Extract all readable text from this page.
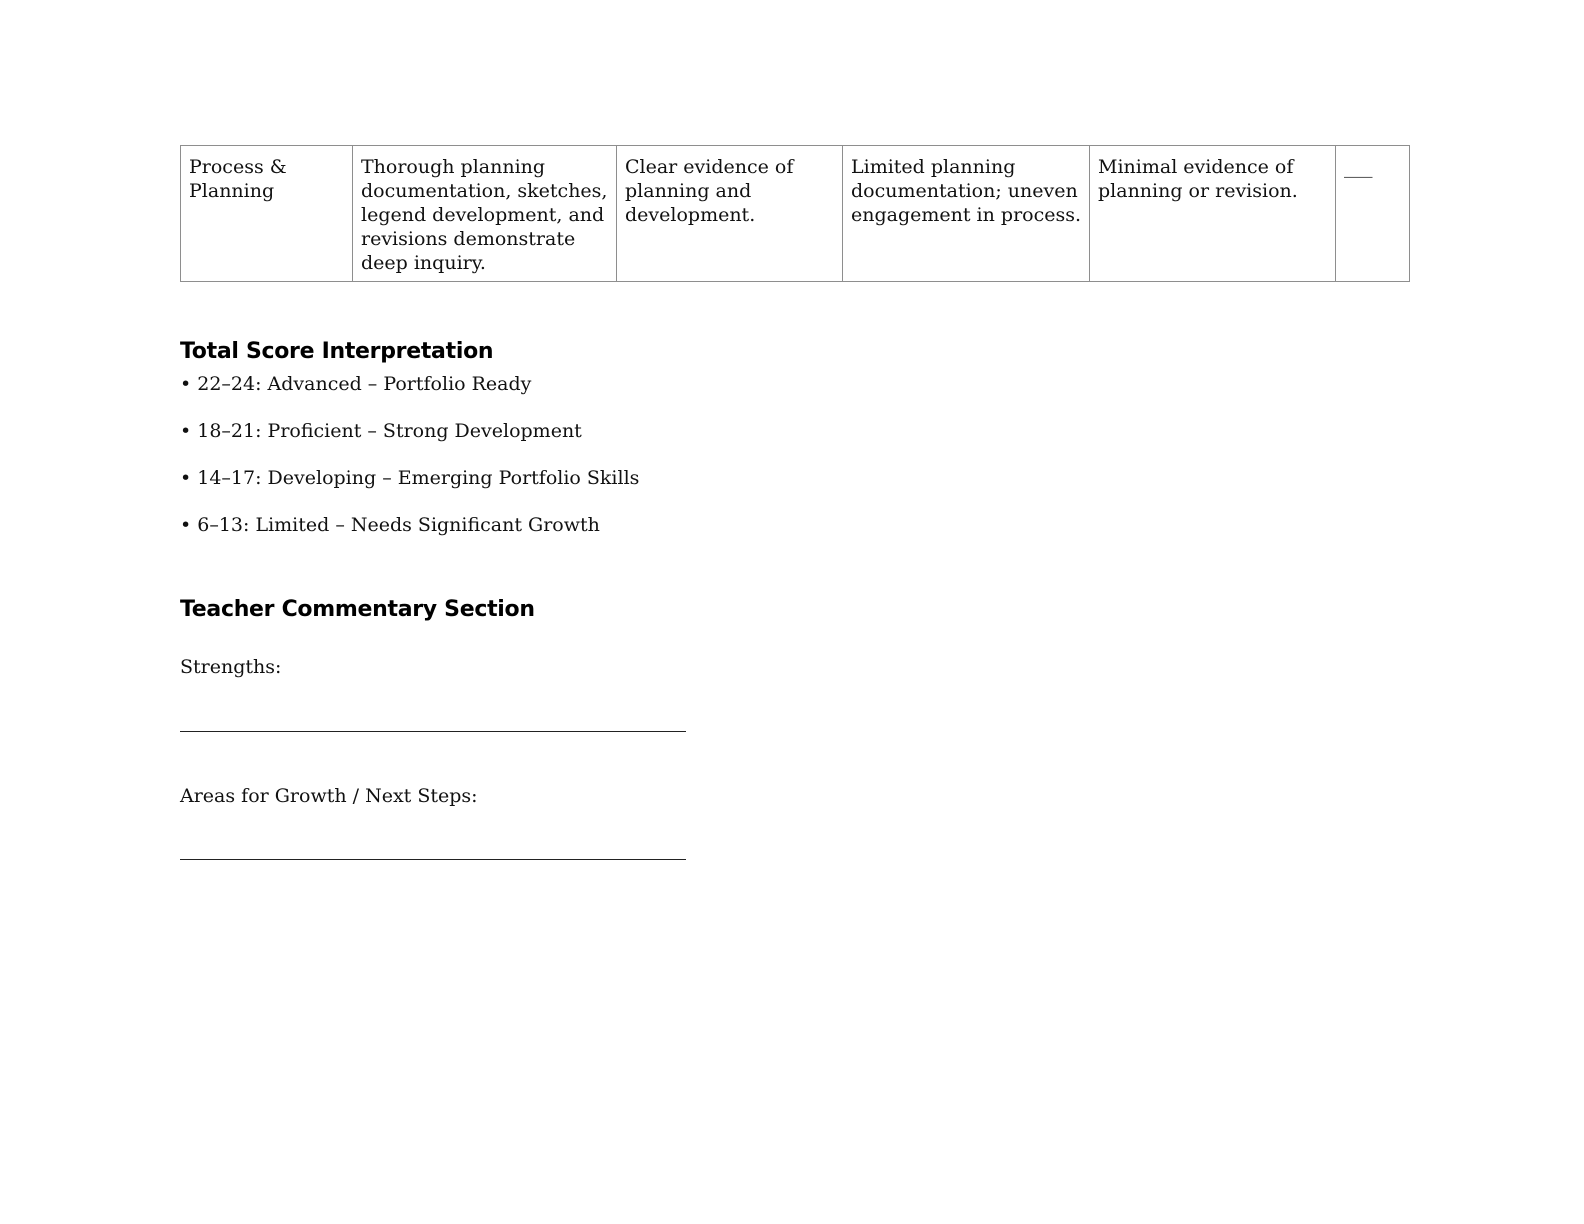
Process & Planning	Thorough planning documentation, sketches, legend development, and revisions demonstrate deep inquiry.	Clear evidence of planning and development.	Limited planning documentation; uneven engagement in process.	Minimal evidence of planning or revision.	___
Total Score Interpretation
• 22–24: Advanced – Portfolio Ready
• 18–21: Proficient – Strong Development
• 14–17: Developing – Emerging Portfolio Skills
• 6–13: Limited – Needs Significant Growth
Teacher Commentary Section
Strengths:
Areas for Growth / Next Steps:
